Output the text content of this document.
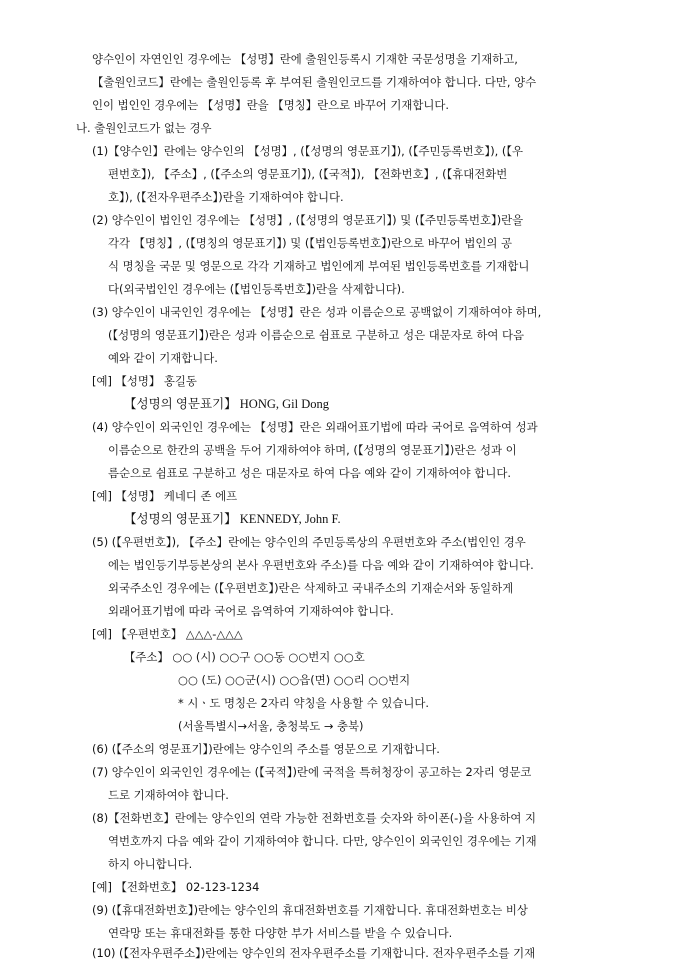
양수인이 자연인인 경우에는 【성명】란에 출원인등록시 기재한 국문성명을 기재하고,
【출원인코드】란에는 출원인등록 후 부여된 출원인코드를 기재하여야 합니다. 다만, 양수
인이 법인인 경우에는 【성명】란을 【명칭】란으로 바꾸어 기재합니다.
나. 출원인코드가 없는 경우
(1)【양수인】란에는 양수인의 【성명】, (【성명의 영문표기】), (【주민등록번호】), (【우
편번호】), 【주소】, (【주소의 영문표기】), (【국적】), 【전화번호】, (【휴대전화번
호】), (【전자우편주소】)란을 기재하여야 합니다.
(2) 양수인이 법인인 경우에는 【성명】, (【성명의 영문표기】) 및 (【주민등록번호】)란을
각각 【명칭】, (【명칭의 영문표기】) 및 (【법인등록번호】)란으로 바꾸어 법인의 공
식 명칭을 국문 및 영문으로 각각 기재하고 법인에게 부여된 법인등록번호를 기재합니
다(외국법인인 경우에는 (【법인등록번호】)란을 삭제합니다).
(3) 양수인이 내국인인 경우에는 【성명】란은 성과 이름순으로 공백없이 기재하여야 하며,
(【성명의 영문표기】)란은 성과 이름순으로 쉼표로 구분하고 성은 대문자로 하여 다음
예와 같이 기재합니다.
[예] 【성명】 홍길동
【성명의 영문표기】 HONG, Gil Dong
(4) 양수인이 외국인인 경우에는 【성명】란은 외래어표기법에 따라 국어로 음역하여 성과
이름순으로 한칸의 공백을 두어 기재하여야 하며, (【성명의 영문표기】)란은 성과 이
름순으로 쉼표로 구분하고 성은 대문자로 하여 다음 예와 같이 기재하여야 합니다.
[예] 【성명】 케네디 존 에프
【성명의 영문표기】 KENNEDY, John F.
(5) (【우편번호】), 【주소】란에는 양수인의 주민등록상의 우편번호와 주소(법인인 경우
에는 법인등기부등본상의 본사 우편번호와 주소)를 다음 예와 같이 기재하여야 합니다.
외국주소인 경우에는 (【우편번호】)란은 삭제하고 국내주소의 기재순서와 동일하게
외래어표기법에 따라 국어로 음역하여 기재하여야 합니다.
[예] 【우편번호】 △△△-△△△
【주소】 ○○ (시) ○○구 ○○동 ○○번지 ○○호
○○ (도) ○○군(시) ○○읍(면) ○○리 ○○번지
* 시ㆍ도 명칭은 2자리 약칭을 사용할 수 있습니다.
(서울특별시→서울, 충청북도 → 충북)
(6) (【주소의 영문표기】)란에는 양수인의 주소를 영문으로 기재합니다.
(7) 양수인이 외국인인 경우에는 (【국적】)란에 국적을 특허청장이 공고하는 2자리 영문코
드로 기재하여야 합니다.
(8)【전화번호】란에는 양수인의 연락 가능한 전화번호를 숫자와 하이폰(-)을 사용하여 지
역번호까지 다음 예와 같이 기재하여야 합니다. 다만, 양수인이 외국인인 경우에는 기재
하지 아니합니다.
[예] 【전화번호】 02-123-1234
(9) (【휴대전화번호】)란에는 양수인의 휴대전화번호를 기재합니다. 휴대전화번호는 비상
연락망 또는 휴대전화를 통한 다양한 부가 서비스를 받을 수 있습니다.
(10) (【전자우편주소】)란에는 양수인의 전자우편주소를 기재합니다. 전자우편주소를 기재
